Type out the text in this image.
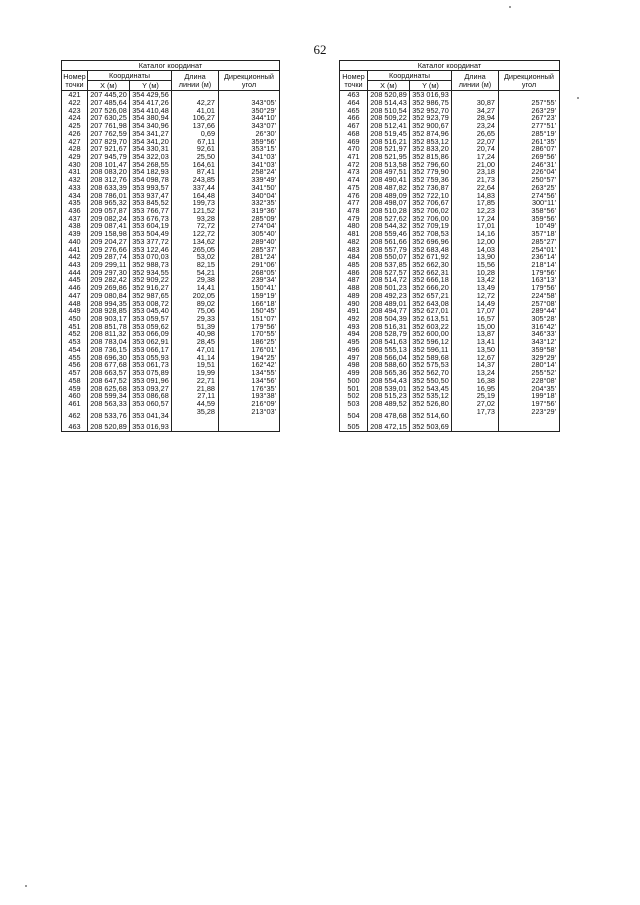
62
Каталог координат					
Номер
точки	Координаты		Длина
линии (м)	Дирекционный
угол	
	X (м)	Y (м)			
421	207 445,20	354 429,56			
			42,27	343°05'	
422	207 485,64	354 417,26			
			41,01	350°29'	
423	207 526,08	354 410,48			
			106,27	344°10'	
424	207 630,25	354 380,94			
			137,66	343°07'	
425	207 761,98	354 340,96			
			0,69	26°30'	
426	207 762,59	354 341,27			
			67,11	359°56'	
427	207 829,70	354 341,20			
			92,61	353°15'	
428	207 921,67	354 330,31			
			25,50	341°03'	
429	207 945,79	354 322,03			
			164,61	341°03'	
430	208 101,47	354 268,55			
			87,41	258°24'	
431	208 083,20	354 182,93			
			243,85	339°49'	
432	208 312,76	354 098,78			
			337,44	341°50'	
433	208 633,39	353 993,57			
			164,48	340°04'	
434	208 786,01	353 937,47			
			199,73	332°35'	
435	208 965,32	353 845,52			
			121,52	319°36'	
436	209 057,87	353 766,77			
			93,28	285°09'	
437	209 082,24	353 676,73			
			72,72	274°04'	
438	209 087,41	353 604,19			
			122,72	305°40'	
439	209 158,98	353 504,49			
			134,62	289°40'	
440	209 204,27	353 377,72			
			265,05	285°37'	
441	209 276,66	353 122,46			
			53,02	281°24'	
442	209 287,74	353 070,03			
			82,15	291°06'	
443	209 299,11	352 988,73			
			54,21	268°05'	
444	209 297,30	352 934,55			
			29,38	239°34'	
445	209 282,42	352 909,22			
			14,41	150°41'	
446	209 269,86	352 916,27			
			202,05	159°19'	
447	209 080,84	352 987,65			
			89,02	166°18'	
448	208 994,35	353 008,72			
			75,06	150°45'	
449	208 928,85	353 045,40			
			29,33	151°07'	
450	208 903,17	353 059,57			
			51,39	179°56'	
451	208 851,78	353 059,62			
			40,98	170°55'	
452	208 811,32	353 066,09			
			28,45	186°25'	
453	208 783,04	353 062,91			
			47,01	176°01'	
454	208 736,15	353 066,17			
			41,14	194°25'	
455	208 696,30	353 055,93			
			19,51	162°42'	
456	208 677,68	353 061,73			
			19,99	134°55'	
457	208 663,57	353 075,89			
			22,71	134°56'	
458	208 647,52	353 091,96			
			21,88	176°35'	
459	208 625,68	353 093,27			
			27,11	193°38'	
460	208 599,34	353 086,68			
			44,59	216°09'	
461	208 563,33	353 060,57			
			35,28	213°03'	
462	208 533,76	353 041,34			

463	208 520,89	353 016,93			
Каталог координат					
Номер
точки	Координаты		Длина
линии (м)	Дирекционный
угол	
	X (м)	Y (м)			
463	208 520,89	353 016,93			
			30,87	257°55'	
464	208 514,43	352 986,75			
			34,27	263°29'	
465	208 510,54	352 952,70			
			28,94	267°23'	
466	208 509,22	352 923,79			
			23,24	277°51'	
467	208 512,41	352 900,67			
			26,65	285°19'	
468	208 519,45	352 874,96			
			22,07	261°35'	
469	208 516,21	352 853,12			
			20,74	286°07'	
470	208 521,97	352 833,20			
			17,24	269°56'	
471	208 521,95	352 815,86			
			21,00	246°31'	
472	208 513,58	352 796,60			
			23,18	226°04'	
473	208 497,51	352 779,90			
			21,73	250°57'	
474	208 490,41	352 759,36			
			22,64	263°25'	
475	208 487,82	352 736,87			
			14,83	274°56'	
476	208 489,09	352 722,10			
			17,85	300°11'	
477	208 498,07	352 706,67			
			12,23	358°56'	
478	208 510,28	352 706,02			
			17,24	359°56'	
479	208 527,62	352 706,00			
			17,01	10°49'	
480	208 544,32	352 709,19			
			14,16	357°18'	
481	208 559,46	352 708,53			
			12,00	285°27'	
482	208 561,66	352 696,96			
			14,03	254°01'	
483	208 557,79	352 683,48			
			13,90	236°14'	
484	208 550,07	352 671,92			
			15,56	218°14'	
485	208 537,85	352 662,30			
			10,28	179°56'	
486	208 527,57	352 662,31			
			13,42	163°13'	
487	208 514,72	352 666,18			
			13,49	179°56'	
488	208 501,23	352 666,20			
			12,72	224°58'	
489	208 492,23	352 657,21			
			14,49	257°08'	
490	208 489,01	352 643,08			
			17,07	289°44'	
491	208 494,77	352 627,01			
			16,57	305°28'	
492	208 504,39	352 613,51			
			15,00	316°42'	
493	208 516,31	352 603,22			
			13,87	346°33'	
494	208 528,79	352 600,00			
			13,41	343°12'	
495	208 541,63	352 596,12			
			13,50	359°58'	
496	208 555,13	352 596,11			
			12,67	329°29'	
497	208 566,04	352 589,68			
			14,37	280°14'	
498	208 588,60	352 575,53			
			13,24	255°52'	
499	208 565,36	352 562,70			
			16,38	228°08'	
500	208 554,43	352 550,50			
			16,95	204°35'	
501	208 539,01	352 543,45			
			25,19	199°18'	
502	208 515,23	352 535,12			
			27,02	197°56'	
503	208 489,52	352 526,80			
			17,73	223°29'	
504	208 478,68	352 514,60			

505	208 472,15	352 503,69			
